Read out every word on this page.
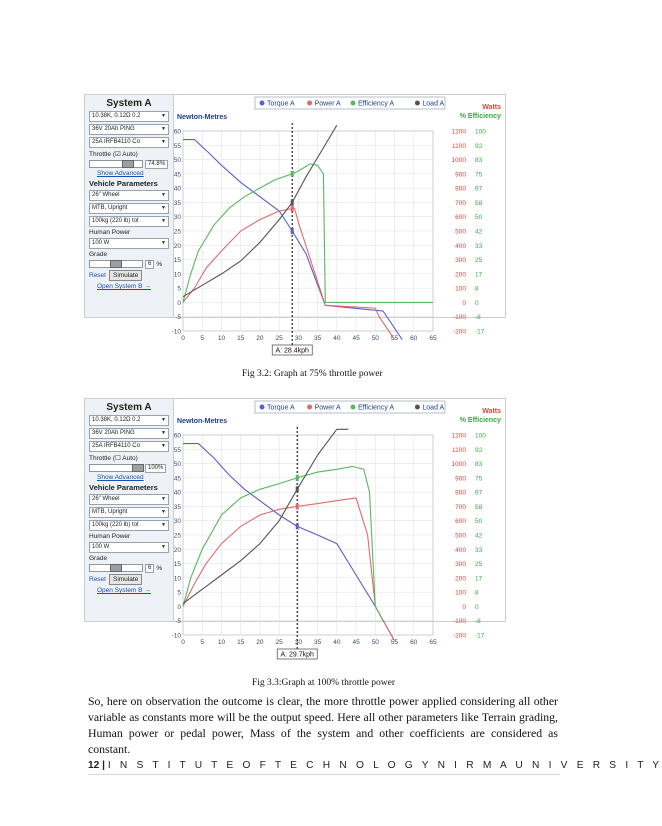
System A
10.38K, 0.12Ω 0.2	▼
36V 20Ah PING	▼
25A IRFB4110 Co	▼
Throttle (☑ Auto)
74.8%
Show Advanced
Vehicle Parameters
26" Wheel	▼
MTB, Upright	▼
100kg (220 lb) tot	▼
Human Power
100 W	▼
Grade
6 %
Reset	Simulate
Open System B →
Torque A	Power A Efficiency A	Load A
Newton-Metres
Watts
% Efficiency
60
55
50
45
40
35
30
25
20
15
10
5
0
-5
-10
0 5 10 15 20 25 30 35 40 45 50 55 60 65
1200
1100
1000
900
800
700
600
500
400
300
200
100
0
-100
-200
100
92
83
75
67
58
50
42
33
25
17
8
0
-8
-17
A: 28.4kph
Fig 3.2: Graph at 75% throttle power
System A
10.38K, 0.12Ω 0.2	▼
36V 20Ah PING	▼
25A IRFB4110 Co	▼
Throttle (☐ Auto)
100%
Show Advanced
Vehicle Parameters
26" Wheel	▼
MTB, Upright	▼
100kg (220 lb) tot	▼
Human Power
100 W	▼
Grade
6 %
Reset	Simulate
Open System B →
Torque A	Power A Efficiency A	Load A
Newton-Metres
Watts
% Efficiency
60
55
50
45
40
35
30
25
20
15
10
5
0
-5
-10
0 5 10 15 20 25 30 35 40 45 50 55 60 65
1200
1100
1000
900
800
700
600
500
400
300
200
100
0
-100
-200
100
92
83
75
67
58
50
42
33
25
17
8
0
-8
-17
A: 29.7kph
Fig 3.3:Graph at 100% throttle power
So, here on observation the outcome is clear, the more throttle power applied considering all other variable as constants more will be the output speed. Here all other parameters like Terrain grading, Human power or pedal power, Mass of the system and other coefficients are considered as constant.
12 | I N S T I T U T E O F T E C H N O L O G Y N I R M A U N I V E R S I T Y
